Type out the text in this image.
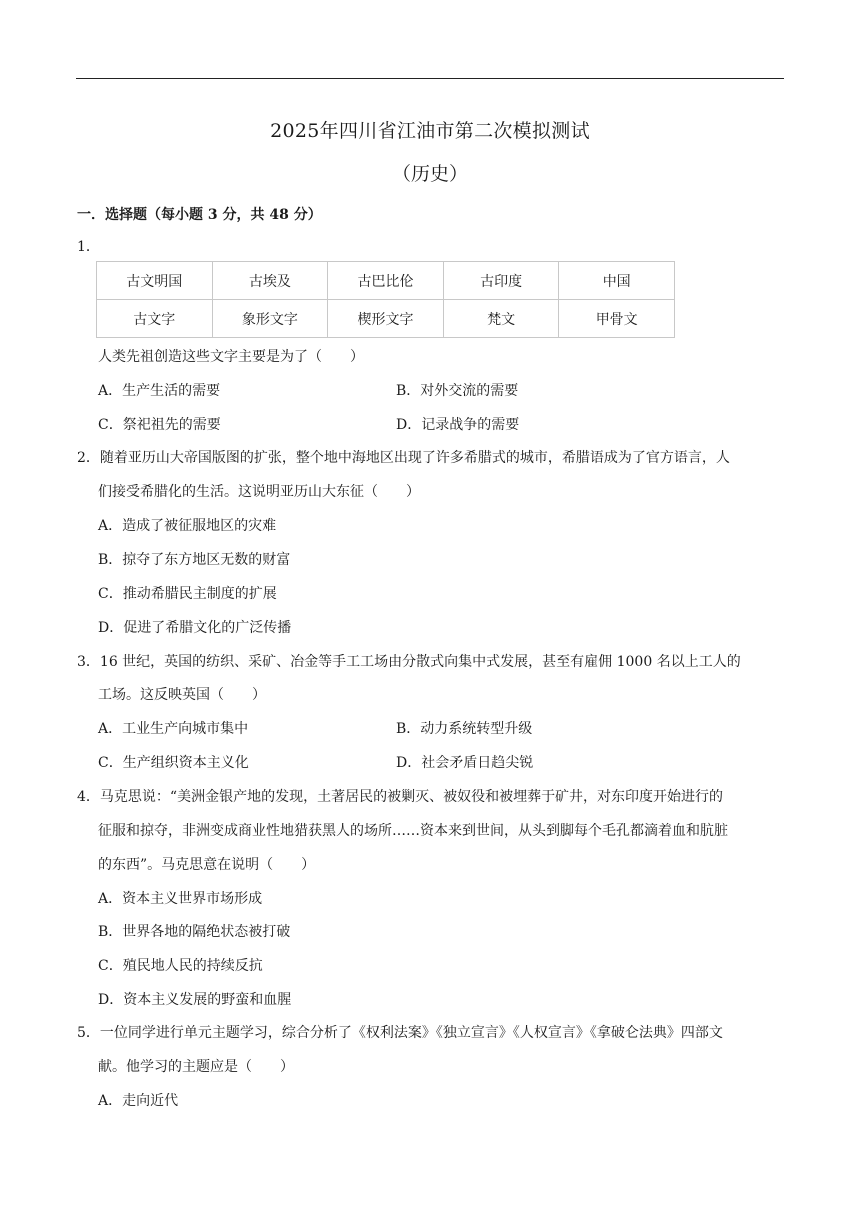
2025年四川省江油市第二次模拟测试
（历史）
一．选择题（每小题 3 分，共 48 分）
1．
古文明国	古埃及	古巴比伦	古印度	中国
古文字	象形文字	楔形文字	梵文	甲骨文
人类先祖创造这些文字主要是为了（　　）
A．生产生活的需要	B．对外交流的需要
C．祭祀祖先的需要	D．记录战争的需要
2．随着亚历山大帝国版图的扩张，整个地中海地区出现了许多希腊式的城市，希腊语成为了官方语言，人
们接受希腊化的生活。这说明亚历山大东征（　　）
A．造成了被征服地区的灾难
B．掠夺了东方地区无数的财富
C．推动希腊民主制度的扩展
D．促进了希腊文化的广泛传播
3．16 世纪，英国的纺织、采矿、冶金等手工工场由分散式向集中式发展，甚至有雇佣 1000 名以上工人的
工场。这反映英国（　　）
A．工业生产向城市集中	B．动力系统转型升级
C．生产组织资本主义化	D．社会矛盾日趋尖锐
4．马克思说：“美洲金银产地的发现，土著居民的被剿灭、被奴役和被埋葬于矿井，对东印度开始进行的
征服和掠夺，非洲变成商业性地猎获黑人的场所……资本来到世间，从头到脚每个毛孔都滴着血和肮脏
的东西”。马克思意在说明（　　）
A．资本主义世界市场形成
B．世界各地的隔绝状态被打破
C．殖民地人民的持续反抗
D．资本主义发展的野蛮和血腥
5．一位同学进行单元主题学习，综合分析了《权利法案》《独立宣言》《人权宣言》《拿破仑法典》四部文
献。他学习的主题应是（　　）
A．走向近代
